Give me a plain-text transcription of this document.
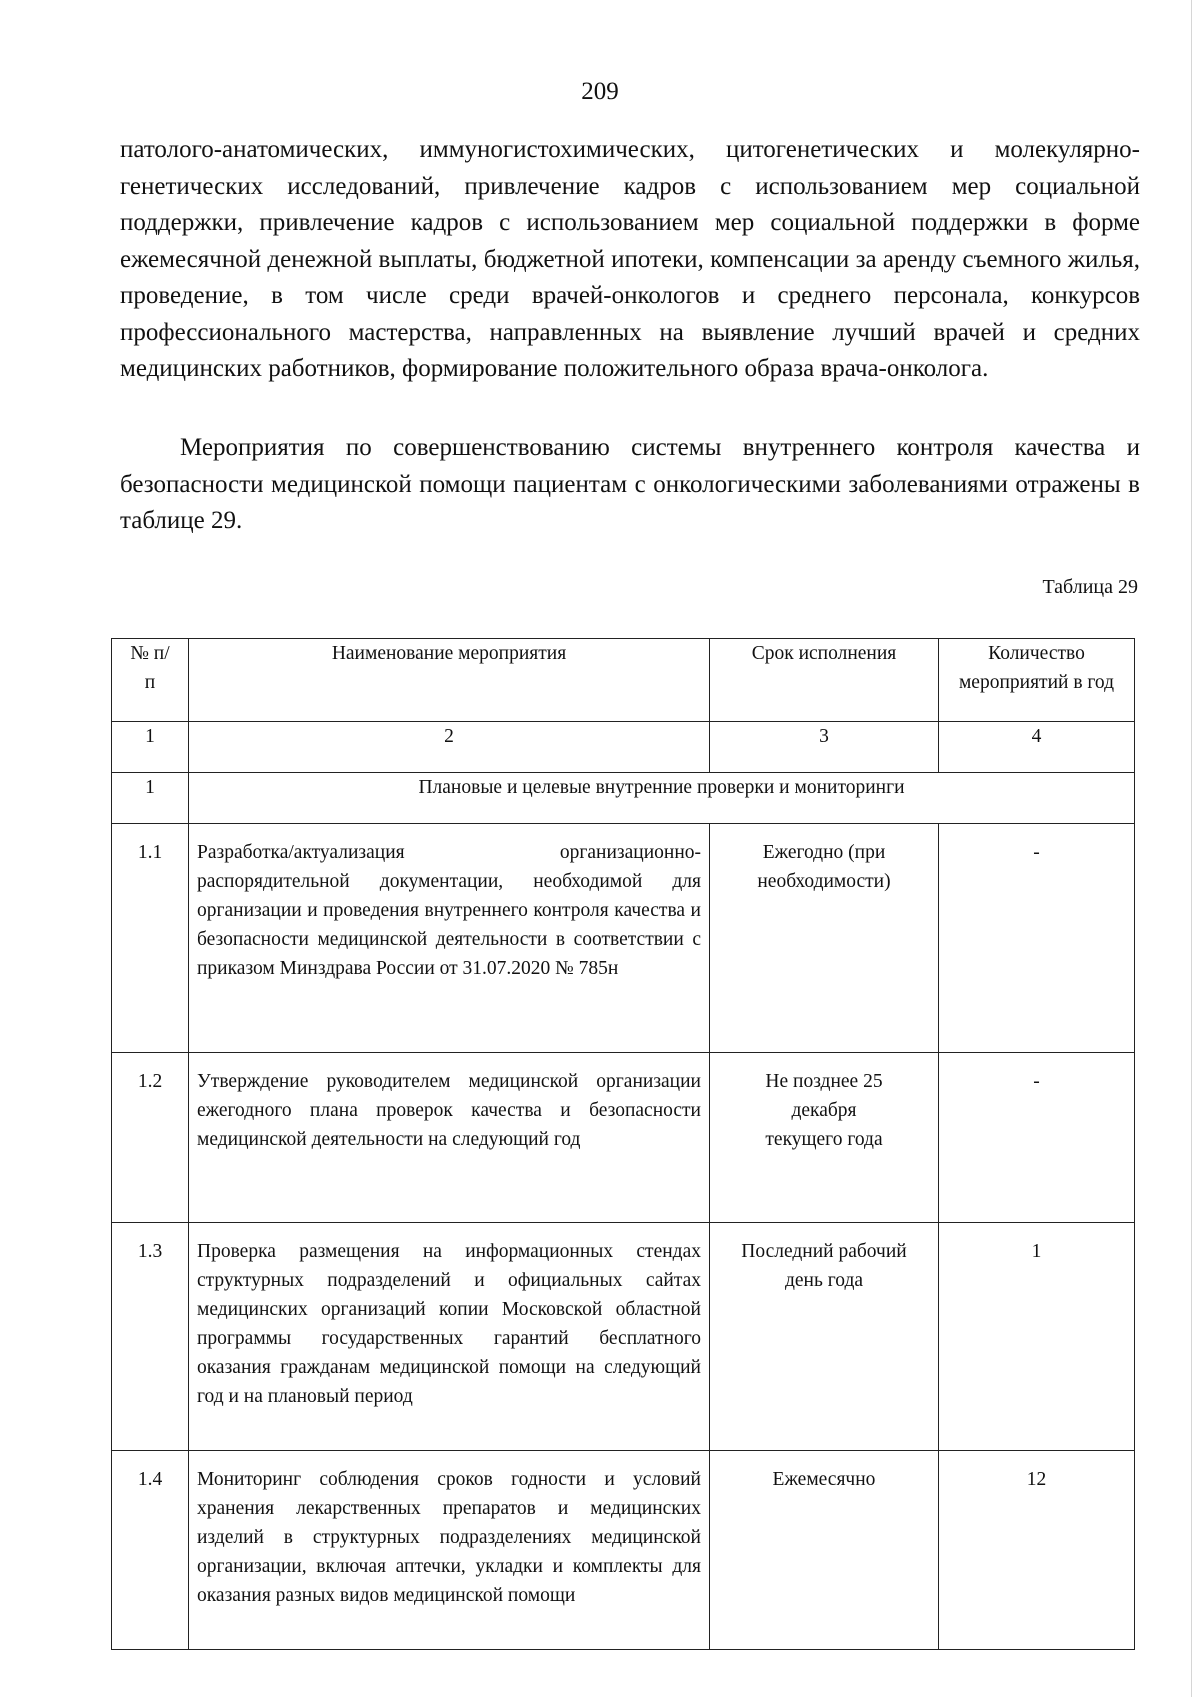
209
патолого-анатомических, иммуногистохимических, цитогенетических и молекулярно-генетических исследований, привлечение кадров с использованием мер социальной поддержки, привлечение кадров с использованием мер социальной поддержки в форме ежемесячной денежной выплаты, бюджетной ипотеки, компенсации за аренду съемного жилья, проведение, в том числе среди врачей-онкологов и среднего персонала, конкурсов профессионального мастерства, направленных на выявление лучший врачей и средних медицинских работников, формирование положительного образа врача-онколога.
Мероприятия по совершенствованию системы внутреннего контроля качества и безопасности медицинской помощи пациентам с онкологическими заболеваниями отражены в таблице 29.
Таблица 29
№ п/п	Наименование мероприятия	Срок исполнения	Количество мероприятий в год

1	2	3	4
1	Плановые и целевые внутренние проверки и мониторинги		
1.1	Разработка/актуализация организационно-распорядительной документации, необходимой для организации и проведения внутреннего контроля качества и безопасности медицинской деятельности в соответствии с приказом Минздрава России от 31.07.2020 № 785н	Ежегодно (при необходимости)	-
1.2	Утверждение руководителем медицинской организации ежегодного плана проверок качества и безопасности медицинской деятельности на следующий год	Не позднее 25 декабря текущего года	-
1.3	Проверка размещения на информационных стендах структурных подразделений и официальных сайтах медицинских организаций копии Московской областной программы государственных гарантий бесплатного оказания гражданам медицинской помощи на следующий год и на плановый период	Последний рабочий день года	1
1.4	Мониторинг соблюдения сроков годности и условий хранения лекарственных препаратов и медицинских изделий в структурных подразделениях медицинской организации, включая аптечки, укладки и комплекты для оказания разных видов медицинской помощи	Ежемесячно	12
